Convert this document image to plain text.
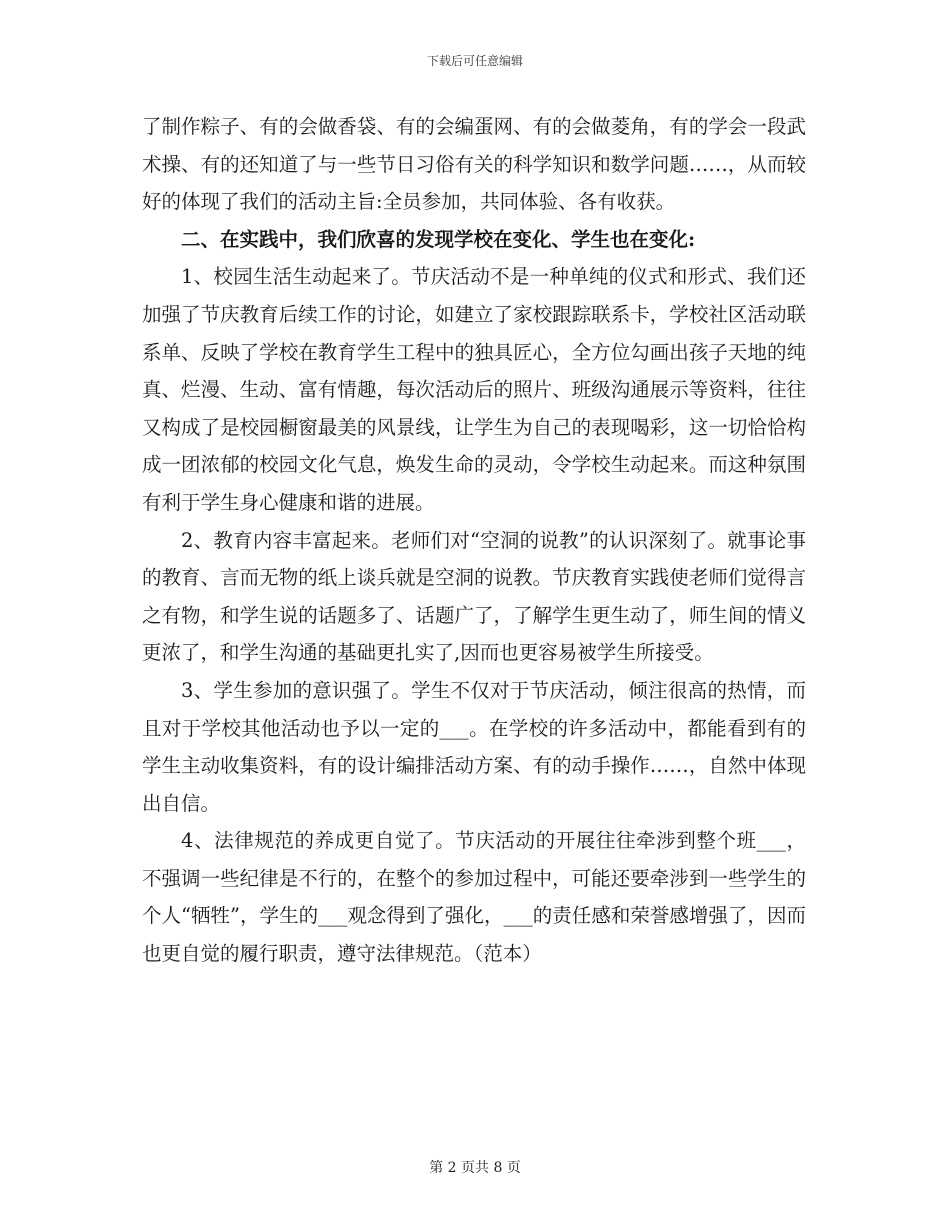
下载后可任意编辑

了制作粽子、有的会做香袋、有的会编蛋网、有的会做菱角，有的学会一段武术操、有的还知道了与一些节日习俗有关的科学知识和数学问题……，从而较好的体现了我们的活动主旨:全员参加，共同体验、各有收获。

二、在实践中，我们欣喜的发现学校在变化、学生也在变化:

1、校园生活生动起来了。节庆活动不是一种单纯的仪式和形式、我们还加强了节庆教育后续工作的讨论，如建立了家校跟踪联系卡，学校社区活动联系单、反映了学校在教育学生工程中的独具匠心，全方位勾画出孩子天地的纯真、烂漫、生动、富有情趣，每次活动后的照片、班级沟通展示等资料，往往又构成了是校园橱窗最美的风景线，让学生为自己的表现喝彩，这一切恰恰构成一团浓郁的校园文化气息，焕发生命的灵动，令学校生动起来。而这种氛围有利于学生身心健康和谐的进展。

2、教育内容丰富起来。老师们对“空洞的说教”的认识深刻了。就事论事的教育、言而无物的纸上谈兵就是空洞的说教。节庆教育实践使老师们觉得言之有物，和学生说的话题多了、话题广了，了解学生更生动了，师生间的情义更浓了，和学生沟通的基础更扎实了,因而也更容易被学生所接受。

3、学生参加的意识强了。学生不仅对于节庆活动，倾注很高的热情，而且对于学校其他活动也予以一定的___。在学校的许多活动中，都能看到有的学生主动收集资料，有的设计编排活动方案、有的动手操作……，自然中体现出自信。

4、法律规范的养成更自觉了。节庆活动的开展往往牵涉到整个班___，不强调一些纪律是不行的，在整个的参加过程中，可能还要牵涉到一些学生的个人“牺牲”，学生的___观念得到了强化，___的责任感和荣誉感增强了，因而也更自觉的履行职责，遵守法律规范。（范本）

第 2 页共 8 页
